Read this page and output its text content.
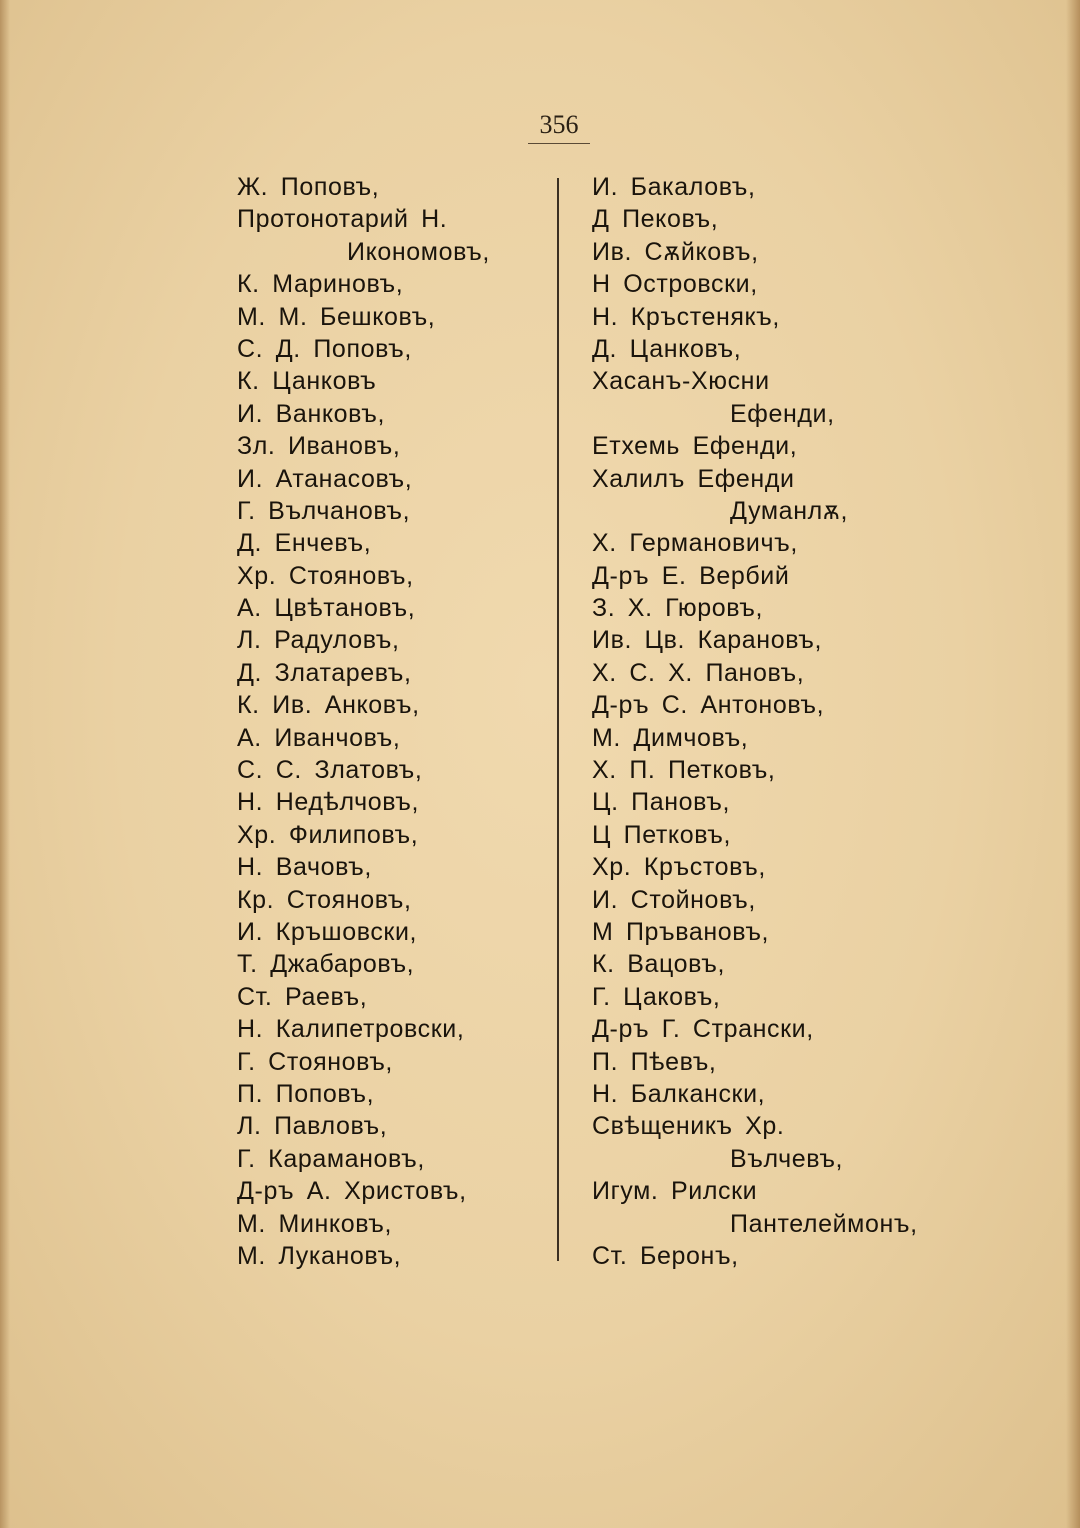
356
Ж. Поповъ,
Протонотарий Н.
Икономовъ,
К. Мариновъ,
М. М. Бешковъ,
С. Д. Поповъ,
К. Цанковъ
И. Ванковъ,
Зл. Ивановъ,
И. Атанасовъ,
Г. Вълчановъ,
Д. Енчевъ,
Хр. Стояновъ,
А. Цвѣтановъ,
Л. Радуловъ,
Д. Златаревъ,
К. Ив. Анковъ,
А. Иванчовъ,
С. С. Златовъ,
Н. Недѣлчовъ,
Хр. Филиповъ,
Н. Вачовъ,
Кр. Стояновъ,
И. Кръшовски,
Т. Джабаровъ,
Ст. Раевъ,
Н. Калипетровски,
Г. Стояновъ,
П. Поповъ,
Л. Павловъ,
Г. Карамановъ,
Д-ръ А. Христовъ,
М. Минковъ,
М. Лукановъ,
И. Бакаловъ,
Д Пековъ,
Ив. Сѫйковъ,
Н Островски,
Н. Кръстенякъ,
Д. Цанковъ,
Хасанъ-Хюсни
Ефенди,
Етхемь Ефенди,
Халилъ Ефенди
Думанлѫ,
Х. Германовичъ,
Д-ръ Е. Вербий
З. Х. Гюровъ,
Ив. Цв. Карановъ,
Х. С. Х. Пановъ,
Д-ръ С. Антоновъ,
М. Димчовъ,
Х. П. Петковъ,
Ц. Пановъ,
Ц Петковъ,
Хр. Кръстовъ,
И. Стойновъ,
М Пръвановъ,
К. Вацовъ,
Г. Цаковъ,
Д-ръ Г. Странски,
П. Пѣевъ,
Н. Балкански,
Свѣщеникъ Хр.
Вълчевъ,
Игум. Рилски
Пантелеймонъ,
Ст. Беронъ,
